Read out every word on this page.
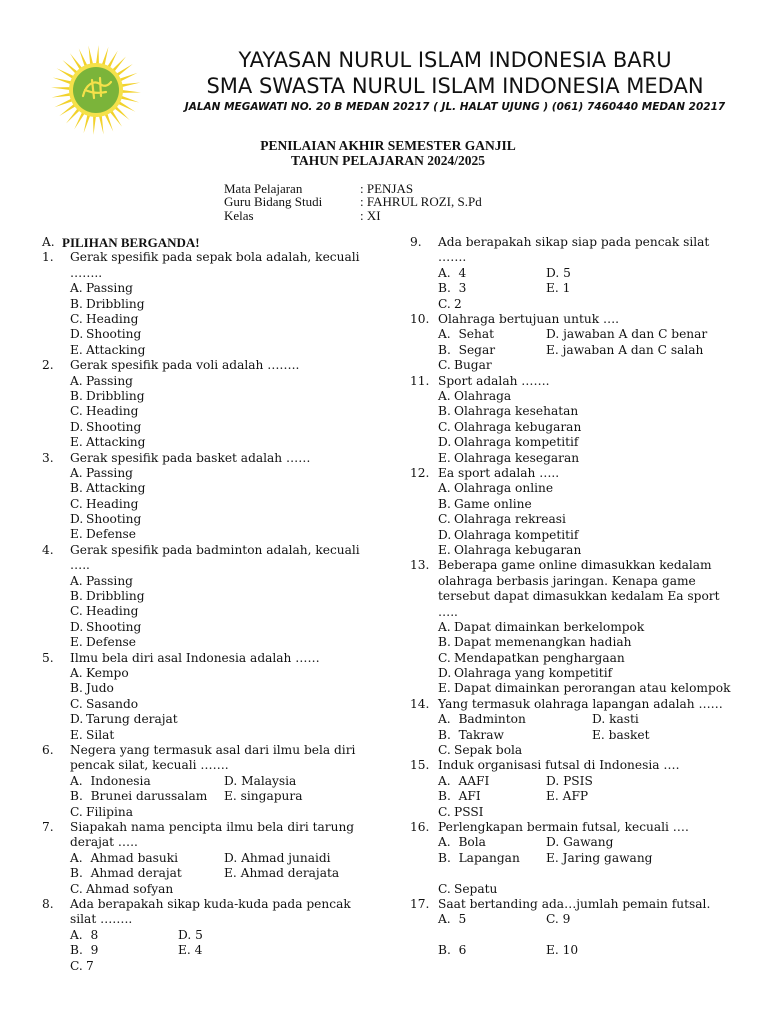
YAYASAN NURUL ISLAM INDONESIA BARU
SMA SWASTA NURUL ISLAM INDONESIA MEDAN
JALAN MEGAWATI NO. 20 B MEDAN 20217 ( JL. HALAT UJUNG ) (061) 7460440 MEDAN 20217
PENILAIAN AKHIR SEMESTER GANJIL
TAHUN PELAJARAN 2024/2025
Mata Pelajaran	: PENJAS
Guru Bidang Studi	: FAHRUL ROZI, S.Pd
Kelas	: XI
A. PILIHAN BERGANDA!
1. Gerak spesifik pada sepak bola adalah, kecuali ……..
A. Passing
B. Dribbling
C. Heading
D. Shooting
E. Attacking
2. Gerak spesifik pada voli adalah ……..
A. Passing
B. Dribbling
C. Heading
D. Shooting
E. Attacking
3. Gerak spesifik pada basket adalah ……
A. Passing
B. Attacking
C. Heading
D. Shooting
E. Defense
4. Gerak spesifik pada badminton adalah, kecuali …..
A. Passing
B. Dribbling
C. Heading
D. Shooting
E. Defense
5. Ilmu bela diri asal Indonesia adalah ……
A. Kempo
B. Judo
C. Sasando
D. Tarung derajat
E. Silat
6. Negera yang termasuk asal dari ilmu bela diri pencak silat, kecuali …….
A.  Indonesia	D. Malaysia
B.  Brunei darussalam E. singapura
C. Filipina
7. Siapakah nama pencipta ilmu bela diri tarung derajat …..
A.  Ahmad basuki	D. Ahmad junaidi
B.  Ahmad derajat	E. Ahmad derajata
C. Ahmad sofyan
8. Ada berapakah sikap kuda-kuda pada pencak silat ……..
A.  8	D. 5
B.  9	E. 4
C. 7
9. Ada berapakah sikap siap pada pencak silat …….
A.  4	D. 5
B.  3	E. 1
C. 2
10. Olahraga bertujuan untuk ….
A.  Sehat	D. jawaban A dan C benar
B.  Segar	E. jawaban A dan C salah
C. Bugar
11. Sport adalah …….
A. Olahraga
B. Olahraga kesehatan
C. Olahraga kebugaran
D. Olahraga kompetitif
E. Olahraga kesegaran
12. Ea sport adalah …..
A. Olahraga online
B. Game online
C. Olahraga rekreasi
D. Olahraga kompetitif
E. Olahraga kebugaran
13. Beberapa game online dimasukkan kedalam olahraga berbasis jaringan. Kenapa game tersebut dapat dimasukkan kedalam Ea sport …..
A. Dapat dimainkan berkelompok
B. Dapat memenangkan hadiah
C. Mendapatkan penghargaan
D. Olahraga yang kompetitif
E. Dapat dimainkan perorangan atau kelompok
14. Yang termasuk olahraga lapangan adalah ……
A.  Badminton	D. kasti
B.  Takraw	E. basket
C. Sepak bola
15. Induk organisasi futsal di Indonesia ….
A.  AAFI	D. PSIS
B.  AFI	E. AFP
C. PSSI
16. Perlengkapan bermain futsal, kecuali ….
A.  Bola	D. Gawang
B.  Lapangan E. Jaring gawang
C. Sepatu
17. Saat bertanding ada…jumlah pemain futsal.
A.  5	C. 9
B.  6	E. 10
